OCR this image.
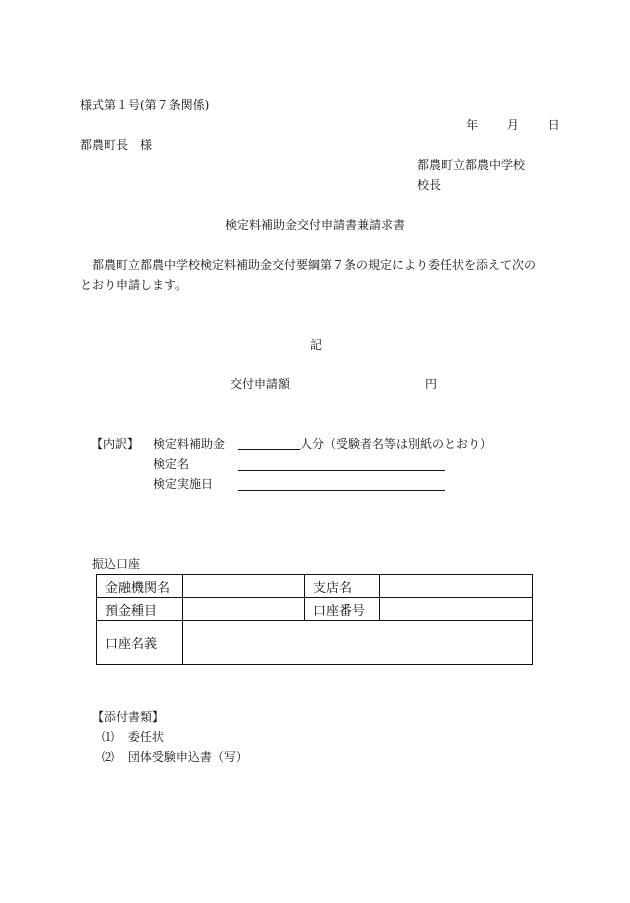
様式第１号(第７条関係)
年 月 日
都農町長　様
都農町立都農中学校
校長
検定料補助金交付申請書兼請求書
都農町立都農中学校検定料補助金交付要綱第７条の規定により委任状を添えて次の
とおり申請します。
記
交付申請額	円
【内訳】 検定料補助金	人分（受験者名等は別紙のとおり）
検定名
検定実施日
振込口座
金融機関名		支店名	
預金種目		口座番号	
口座名義			
【添付書類】
⑴ 委任状
⑵ 団体受験申込書（写）
